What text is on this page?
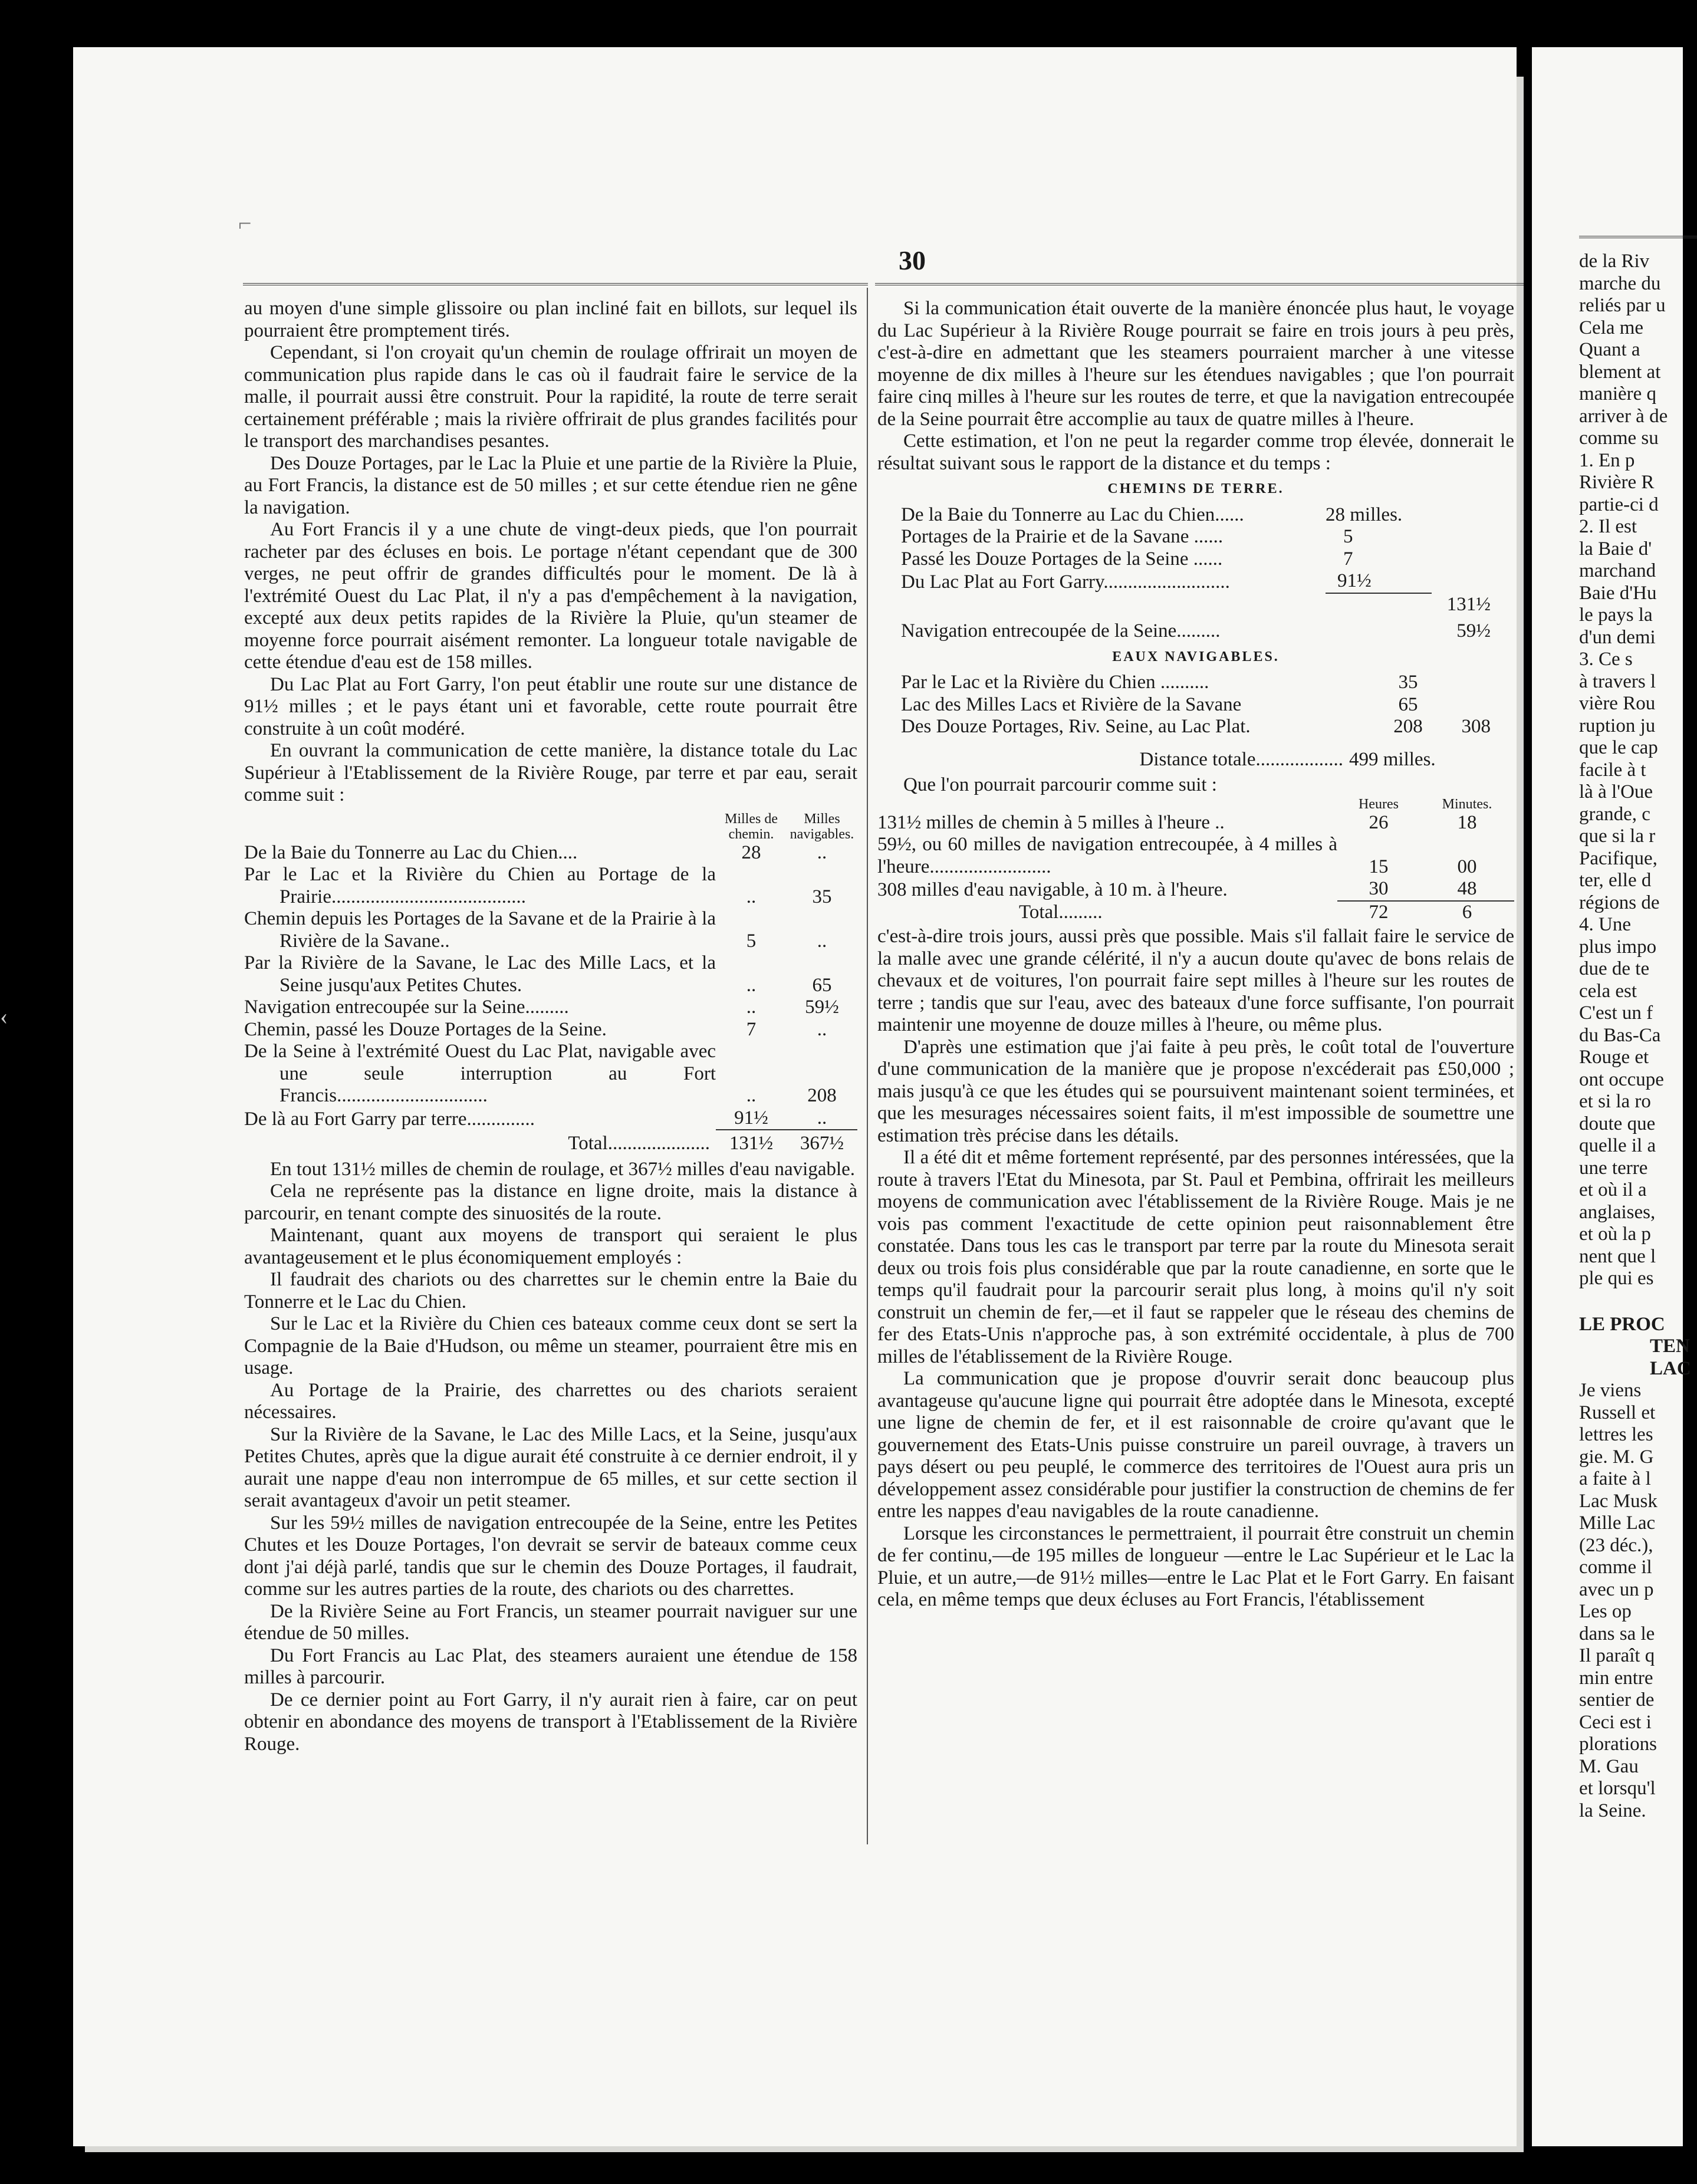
⌐
30

au moyen d'une simple glissoire ou plan incliné fait en billots, sur lequel ils pourraient être promptement tirés.

Cependant, si l'on croyait qu'un chemin de roulage offrirait un moyen de communication plus rapide dans le cas où il faudrait faire le service de la malle, il pourrait aussi être construit. Pour la rapidité, la route de terre serait certainement préférable ; mais la rivière offrirait de plus grandes facilités pour le transport des marchandises pesantes.

Des Douze Portages, par le Lac la Pluie et une partie de la Rivière la Pluie, au Fort Francis, la distance est de 50 milles ; et sur cette étendue rien ne gêne la navigation.

Au Fort Francis il y a une chute de vingt-deux pieds, que l'on pourrait racheter par des écluses en bois. Le portage n'étant cependant que de 300 verges, ne peut offrir de grandes difficultés pour le moment. De là à l'extrémité Ouest du Lac Plat, il n'y a pas d'empêchement à la navigation, excepté aux deux petits rapides de la Rivière la Pluie, qu'un steamer de moyenne force pourrait aisément remonter. La longueur totale navigable de cette étendue d'eau est de 158 milles.

Du Lac Plat au Fort Garry, l'on peut établir une route sur une distance de 91½ milles ; et le pays étant uni et favorable, cette route pourrait être construite à un coût modéré.

En ouvrant la communication de cette manière, la distance totale du Lac Supérieur à l'Etablissement de la Rivière Rouge, par terre et par eau, serait comme suit :

Milles de chemin.
Milles navigables.
De la Baie du Tonnerre au Lac du Chien....	28	..
Par le Lac et la Rivière du Chien au Portage de la Prairie........................................	..	35
Chemin depuis les Portages de la Savane et de la Prairie à la Rivière de la Savane..	5	..
Par la Rivière de la Savane, le Lac des Mille Lacs, et la Seine jusqu'aux Petites Chutes.	..	65
Navigation entrecoupée sur la Seine.........	..	59½
Chemin, passé les Douze Portages de la Seine.	7	..
De la Seine à l'extrémité Ouest du Lac Plat, navigable avec une seule interruption au Fort Francis...............................	..	208
De là au Fort Garry par terre..............	91½	..
Total..................... 131½	367½

En tout 131½ milles de chemin de roulage, et 367½ milles d'eau navigable.

Cela ne représente pas la distance en ligne droite, mais la distance à parcourir, en tenant compte des sinuosités de la route.

Maintenant, quant aux moyens de transport qui seraient le plus avantageusement et le plus économiquement employés :

Il faudrait des chariots ou des charrettes sur le chemin entre la Baie du Tonnerre et le Lac du Chien.

Sur le Lac et la Rivière du Chien ces bateaux comme ceux dont se sert la Compagnie de la Baie d'Hudson, ou même un steamer, pourraient être mis en usage.

Au Portage de la Prairie, des charrettes ou des chariots seraient nécessaires.

Sur la Rivière de la Savane, le Lac des Mille Lacs, et la Seine, jusqu'aux Petites Chutes, après que la digue aurait été construite à ce dernier endroit, il y aurait une nappe d'eau non interrompue de 65 milles, et sur cette section il serait avantageux d'avoir un petit steamer.

Sur les 59½ milles de navigation entrecoupée de la Seine, entre les Petites Chutes et les Douze Portages, l'on devrait se servir de bateaux comme ceux dont j'ai déjà parlé, tandis que sur le chemin des Douze Portages, il faudrait, comme sur les autres parties de la route, des chariots ou des charrettes.

De la Rivière Seine au Fort Francis, un steamer pourrait naviguer sur une étendue de 50 milles.

Du Fort Francis au Lac Plat, des steamers auraient une étendue de 158 milles à parcourir.

De ce dernier point au Fort Garry, il n'y aurait rien à faire, car on peut obtenir en abondance des moyens de transport à l'Etablissement de la Rivière Rouge.

Si la communication était ouverte de la manière énoncée plus haut, le voyage du Lac Supérieur à la Rivière Rouge pourrait se faire en trois jours à peu près, c'est-à-dire en admettant que les steamers pourraient marcher à une vitesse moyenne de dix milles à l'heure sur les étendues navigables ; que l'on pourrait faire cinq milles à l'heure sur les routes de terre, et que la navigation entrecoupée de la Seine pourrait être accomplie au taux de quatre milles à l'heure.

Cette estimation, et l'on ne peut la regarder comme trop élevée, donnerait le résultat suivant sous le rapport de la distance et du temps :

CHEMINS DE TERRE.
De la Baie du Tonnerre au Lac du Chien......	28 milles.
Portages de la Prairie et de la Savane ......	5
Passé les Douze Portages de la Seine ......	7
Du Lac Plat au Fort Garry..........................	91½
131½
Navigation entrecoupée de la Seine.........	59½
EAUX NAVIGABLES.
Par le Lac et la Rivière du Chien ..........	35
Lac des Milles Lacs et Rivière de la Savane	65
Des Douze Portages, Riv. Seine, au Lac Plat.	208	308
Distance totale.................. 499 milles.

Que l'on pourrait parcourir comme suit :

Heures	Minutes.
131½ milles de chemin à 5 milles à l'heure ..	26	18
59½, ou 60 milles de navigation entrecoupée, à 4 milles à l'heure.........................	15	00
308 milles d'eau navigable, à 10 m. à l'heure.	30	48
Total.........	72	6

c'est-à-dire trois jours, aussi près que possible. Mais s'il fallait faire le service de la malle avec une grande célérité, il n'y a aucun doute qu'avec de bons relais de chevaux et de voitures, l'on pourrait faire sept milles à l'heure sur les routes de terre ; tandis que sur l'eau, avec des bateaux d'une force suffisante, l'on pourrait maintenir une moyenne de douze milles à l'heure, ou même plus.

D'après une estimation que j'ai faite à peu près, le coût total de l'ouverture d'une communication de la manière que je propose n'excéderait pas £50,000 ; mais jusqu'à ce que les études qui se poursuivent maintenant soient terminées, et que les mesurages nécessaires soient faits, il m'est impossible de soumettre une estimation très précise dans les détails.

Il a été dit et même fortement représenté, par des personnes intéressées, que la route à travers l'Etat du Minesota, par St. Paul et Pembina, offrirait les meilleurs moyens de communication avec l'établissement de la Rivière Rouge. Mais je ne vois pas comment l'exactitude de cette opinion peut raisonnablement être constatée. Dans tous les cas le transport par terre par la route du Minesota serait deux ou trois fois plus considérable que par la route canadienne, en sorte que le temps qu'il faudrait pour la parcourir serait plus long, à moins qu'il n'y soit construit un chemin de fer,—et il faut se rappeler que le réseau des chemins de fer des Etats-Unis n'approche pas, à son extrémité occidentale, à plus de 700 milles de l'établissement de la Rivière Rouge.

La communication que je propose d'ouvrir serait donc beaucoup plus avantageuse qu'aucune ligne qui pourrait être adoptée dans le Minesota, excepté une ligne de chemin de fer, et il est raisonnable de croire qu'avant que le gouvernement des Etats-Unis puisse construire un pareil ouvrage, à travers un pays désert ou peu peuplé, le commerce des territoires de l'Ouest aura pris un développement assez considérable pour justifier la construction de chemins de fer entre les nappes d'eau navigables de la route canadienne.

Lorsque les circonstances le permettraient, il pourrait être construit un chemin de fer continu,—de 195 milles de longueur —entre le Lac Supérieur et le Lac la Pluie, et un autre,—de 91½ milles—entre le Lac Plat et le Fort Garry. En faisant cela, en même temps que deux écluses au Fort Francis, l'établissement

de la Riv
marche du
reliés par u
Cela me
Quant a
blement at
manière q
arriver à de
comme su
1. En p
Rivière R
partie-ci d
2. Il est
la Baie d'
marchand
Baie d'Hu
le pays la
d'un demi
3. Ce s
à travers l
vière Rou
ruption ju
que le cap
facile à t
là à l'Oue
grande, c
que si la r
Pacifique,
ter, elle d
régions de
4. Une
plus impo
due de te
cela est
C'est un f
du Bas-Ca
Rouge et
ont occupe
et si la ro
doute que
quelle il a
une terre
et où il a
anglaises,
et où la p
nent que l
ple qui es
LE PROC
TEN
LAC
Je viens
Russell et
lettres les
gie. M. G
a faite à l
Lac Musk
Mille Lac
(23 déc.),
comme il
avec un p
Les op
dans sa le
Il paraît q
min entre
sentier de
Ceci est i
plorations
M. Gau
et lorsqu'l
la Seine.
‹
